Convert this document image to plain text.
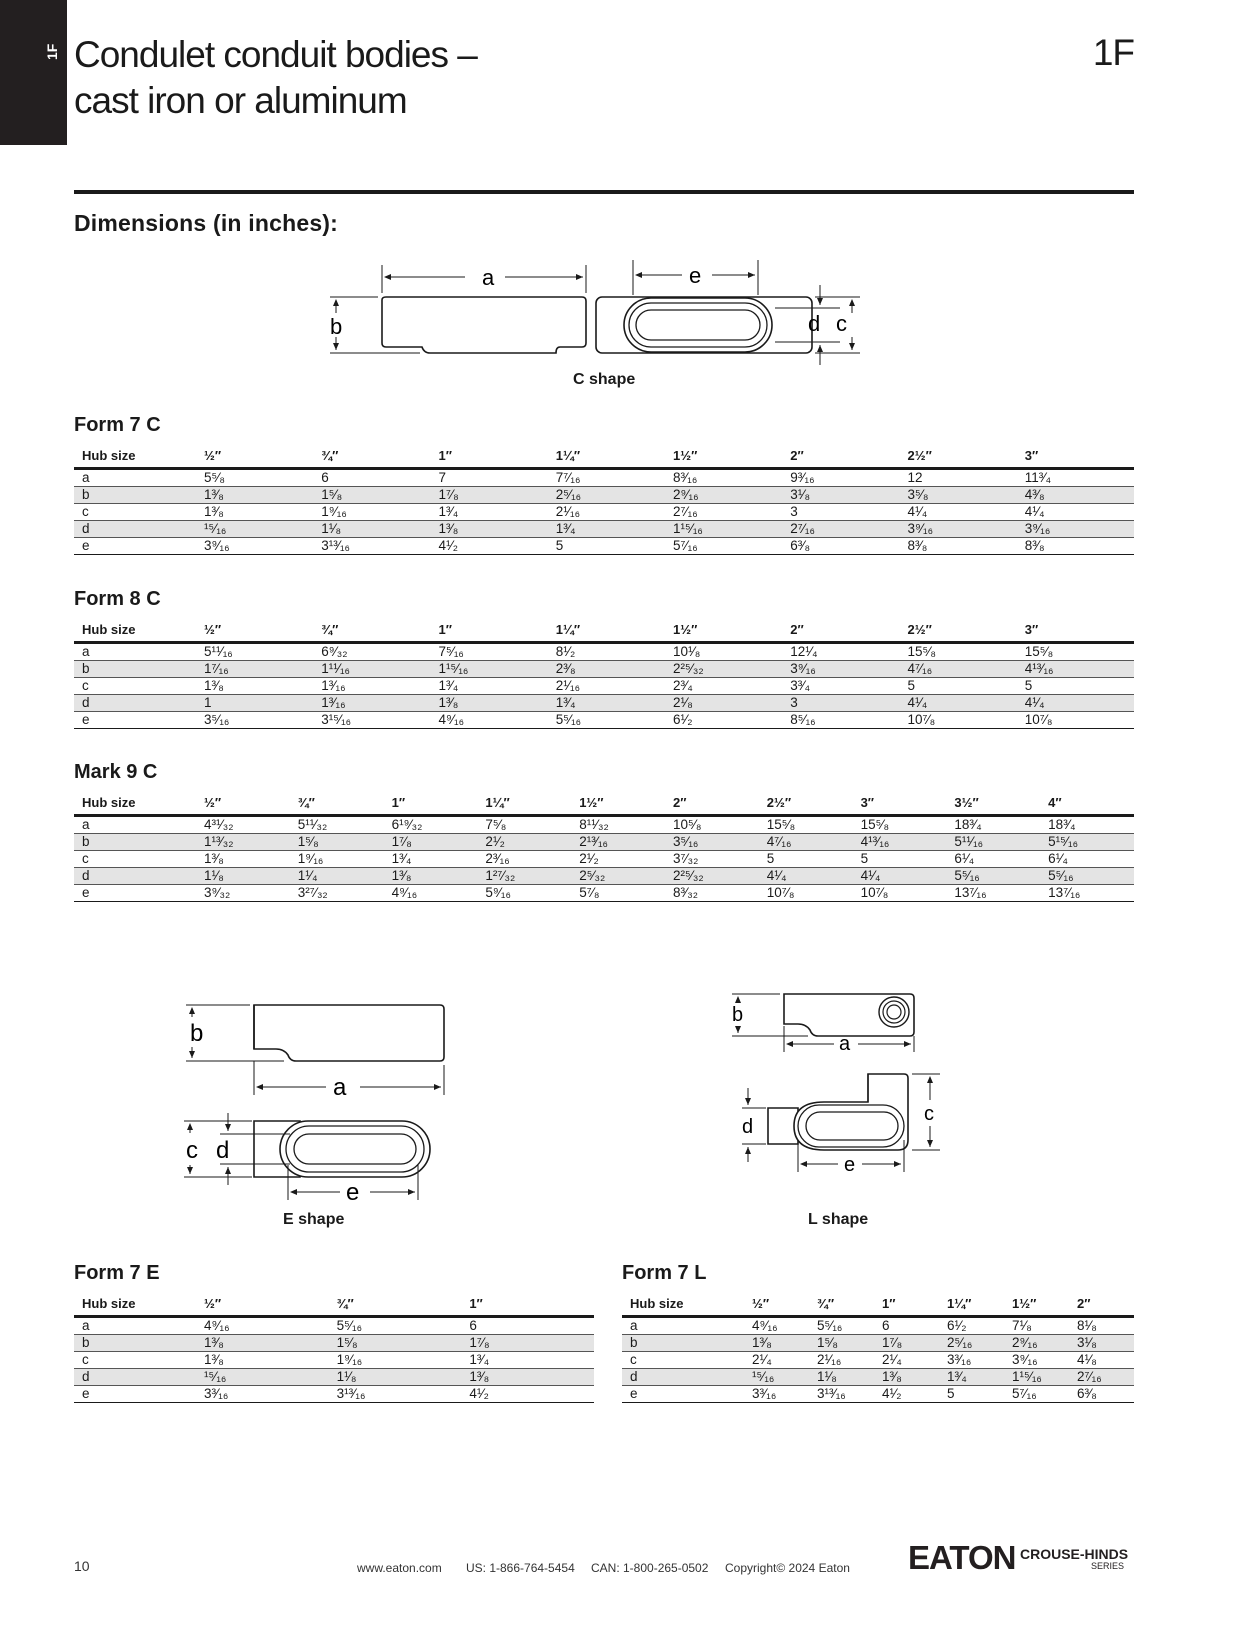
1F Condulet conduit bodies –
cast iron or aluminum
1F
Dimensions (in inches):
a
b
e
d c
C shape
Form 7 C
Hub size	½″	¾″	1″	1¼″	1½″	2″	2½″	3″
a	5⁵⁄₈	6	7	7⁷⁄₁₆	8³⁄₁₆	9³⁄₁₆	12	11³⁄₄
b	1³⁄₈	1⁵⁄₈	1⁷⁄₈	2⁵⁄₁₆	2⁹⁄₁₆	3¹⁄₈	3⁵⁄₈	4³⁄₈
c	1³⁄₈	1⁹⁄₁₆	1³⁄₄	2¹⁄₁₆	2⁷⁄₁₆	3	4¹⁄₄	4¹⁄₄
d	¹⁵⁄₁₆	1¹⁄₈	1³⁄₈	1³⁄₄	1¹⁵⁄₁₆	2⁷⁄₁₆	3⁹⁄₁₆	3⁹⁄₁₆
e	3⁹⁄₁₆	3¹³⁄₁₆	4¹⁄₂	5	5⁷⁄₁₆	6³⁄₈	8³⁄₈	8³⁄₈
Form 8 C
Hub size	½″	¾″	1″	1¼″	1½″	2″	2½″	3″
a	5¹¹⁄₁₆	6⁹⁄₃₂	7⁵⁄₁₆	8¹⁄₂	10¹⁄₈	12¹⁄₄	15⁵⁄₈	15⁵⁄₈
b	1⁷⁄₁₆	1¹¹⁄₁₆	1¹⁵⁄₁₆	2³⁄₈	2²⁵⁄₃₂	3⁹⁄₁₆	4⁷⁄₁₆	4¹³⁄₁₆
c	1³⁄₈	1³⁄₁₆	1³⁄₄	2¹⁄₁₆	2³⁄₄	3³⁄₄	5	5
d	1	1³⁄₁₆	1³⁄₈	1³⁄₄	2¹⁄₈	3	4¹⁄₄	4¹⁄₄
e	3⁵⁄₁₆	3¹⁵⁄₁₆	4⁹⁄₁₆	5⁵⁄₁₆	6¹⁄₂	8⁵⁄₁₆	10⁷⁄₈	10⁷⁄₈
Mark 9 C
Hub size	½″	¾″	1″	1¼″	1½″	2″	2½″	3″	3½″	4″
a	4³¹⁄₃₂	5¹¹⁄₃₂	6¹⁹⁄₃₂	7⁵⁄₈	8¹¹⁄₃₂	10⁵⁄₈	15⁵⁄₈	15⁵⁄₈	18³⁄₄	18³⁄₄
b	1¹³⁄₃₂	1⁵⁄₈	1⁷⁄₈	2¹⁄₂	2¹³⁄₁₆	3⁵⁄₁₆	4⁷⁄₁₆	4¹³⁄₁₆	5¹¹⁄₁₆	5¹⁵⁄₁₆
c	1³⁄₈	1⁹⁄₁₆	1³⁄₄	2³⁄₁₆	2¹⁄₂	3⁷⁄₃₂	5	5	6¹⁄₄	6¹⁄₄
d	1¹⁄₈	1¹⁄₄	1³⁄₈	1²⁷⁄₃₂	2⁵⁄₃₂	2²⁵⁄₃₂	4¹⁄₄	4¹⁄₄	5⁵⁄₁₆	5⁵⁄₁₆
e	3⁹⁄₃₂	3²⁷⁄₃₂	4⁹⁄₁₆	5⁹⁄₁₆	5⁷⁄₈	8³⁄₃₂	10⁷⁄₈	10⁷⁄₈	13⁷⁄₁₆	13⁷⁄₁₆
b
a
c d
e
E shape
b
a
c
d
e
L shape
Form 7 E
Hub size	½″	¾″	1″
a	4⁹⁄₁₆	5⁵⁄₁₆	6
b	1³⁄₈	1⁵⁄₈	1⁷⁄₈
c	1³⁄₈	1⁹⁄₁₆	1³⁄₄
d	¹⁵⁄₁₆	1¹⁄₈	1³⁄₈
e	3³⁄₁₆	3¹³⁄₁₆	4¹⁄₂
Form 7 L
Hub size	½″	¾″	1″	1¼″	1½″	2″
a	4⁹⁄₁₆	5⁵⁄₁₆	6	6¹⁄₂	7¹⁄₈	8¹⁄₈
b	1³⁄₈	1⁵⁄₈	1⁷⁄₈	2⁵⁄₁₆	2⁹⁄₁₆	3¹⁄₈
c	2¹⁄₄	2¹⁄₁₆	2¹⁄₄	3³⁄₁₆	3⁹⁄₁₆	4¹⁄₈
d	¹⁵⁄₁₆	1¹⁄₈	1³⁄₈	1³⁄₄	1¹⁵⁄₁₆	2⁷⁄₁₆
e	3³⁄₁₆	3¹³⁄₁₆	4¹⁄₂	5	5⁷⁄₁₆	6³⁄₈
10	www.eaton.com US: 1-866-764-5454 CAN: 1-800-265-0502 Copyright© 2024 Eaton EATON CROUSE-HINDS
SERIES
